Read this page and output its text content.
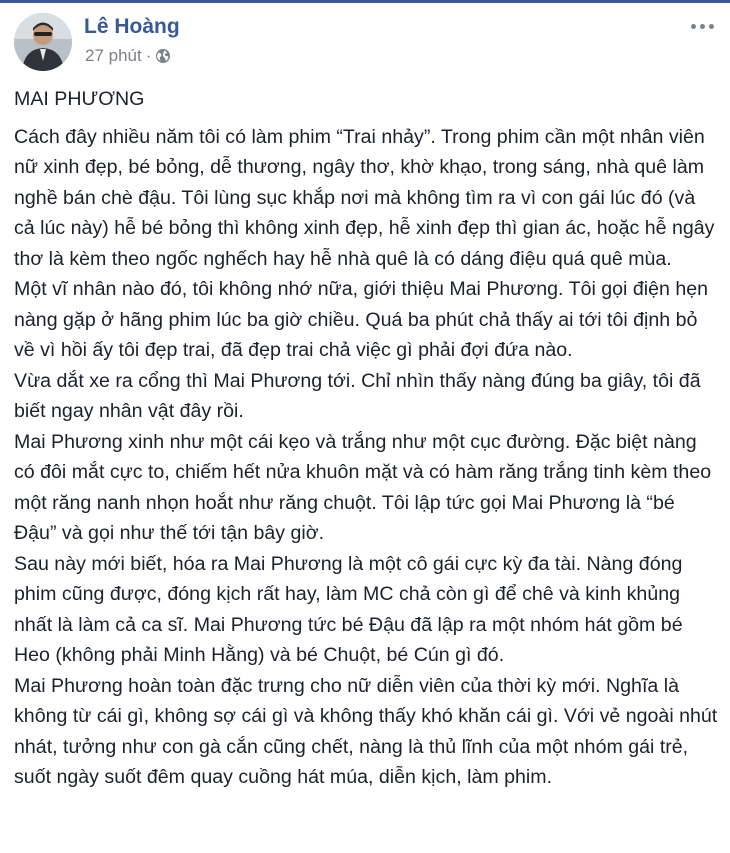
Lê Hoàng
27 phút ·

MAI PHƯƠNG

Cách đây nhiều năm tôi có làm phim “Trai nhảy”. Trong phim cần một nhân viên nữ xinh đẹp, bé bỏng, dễ thương, ngây thơ, khờ khạo, trong sáng, nhà quê làm nghề bán chè đậu. Tôi lùng sục khắp nơi mà không tìm ra vì con gái lúc đó (và cả lúc này) hễ bé bỏng thì không xinh đẹp, hễ xinh đẹp thì gian ác, hoặc hễ ngây thơ là kèm theo ngốc nghếch hay hễ nhà quê là có dáng điệu quá quê mùa.

Một vĩ nhân nào đó, tôi không nhớ nữa, giới thiệu Mai Phương. Tôi gọi điện hẹn nàng gặp ở hãng phim lúc ba giờ chiều. Quá ba phút chả thấy ai tới tôi định bỏ về vì hồi ấy tôi đẹp trai, đã đẹp trai chả việc gì phải đợi đứa nào.

Vừa dắt xe ra cổng thì Mai Phương tới. Chỉ nhìn thấy nàng đúng ba giây, tôi đã biết ngay nhân vật đây rồi.

Mai Phương xinh như một cái kẹo và trắng như một cục đường. Đặc biệt nàng có đôi mắt cực to, chiếm hết nửa khuôn mặt và có hàm răng trắng tinh kèm theo một răng nanh nhọn hoắt như răng chuột. Tôi lập tức gọi Mai Phương là “bé Đậu” và gọi như thế tới tận bây giờ.

Sau này mới biết, hóa ra Mai Phương là một cô gái cực kỳ đa tài. Nàng đóng phim cũng được, đóng kịch rất hay, làm MC chả còn gì để chê và kinh khủng nhất là làm cả ca sĩ. Mai Phương tức bé Đậu đã lập ra một nhóm hát gồm bé Heo (không phải Minh Hằng) và bé Chuột, bé Cún gì đó.

Mai Phương hoàn toàn đặc trưng cho nữ diễn viên của thời kỳ mới. Nghĩa là không từ cái gì, không sợ cái gì và không thấy khó khăn cái gì. Với vẻ ngoài nhút nhát, tưởng như con gà cắn cũng chết, nàng là thủ lĩnh của một nhóm gái trẻ, suốt ngày suốt đêm quay cuồng hát múa, diễn kịch, làm phim.
